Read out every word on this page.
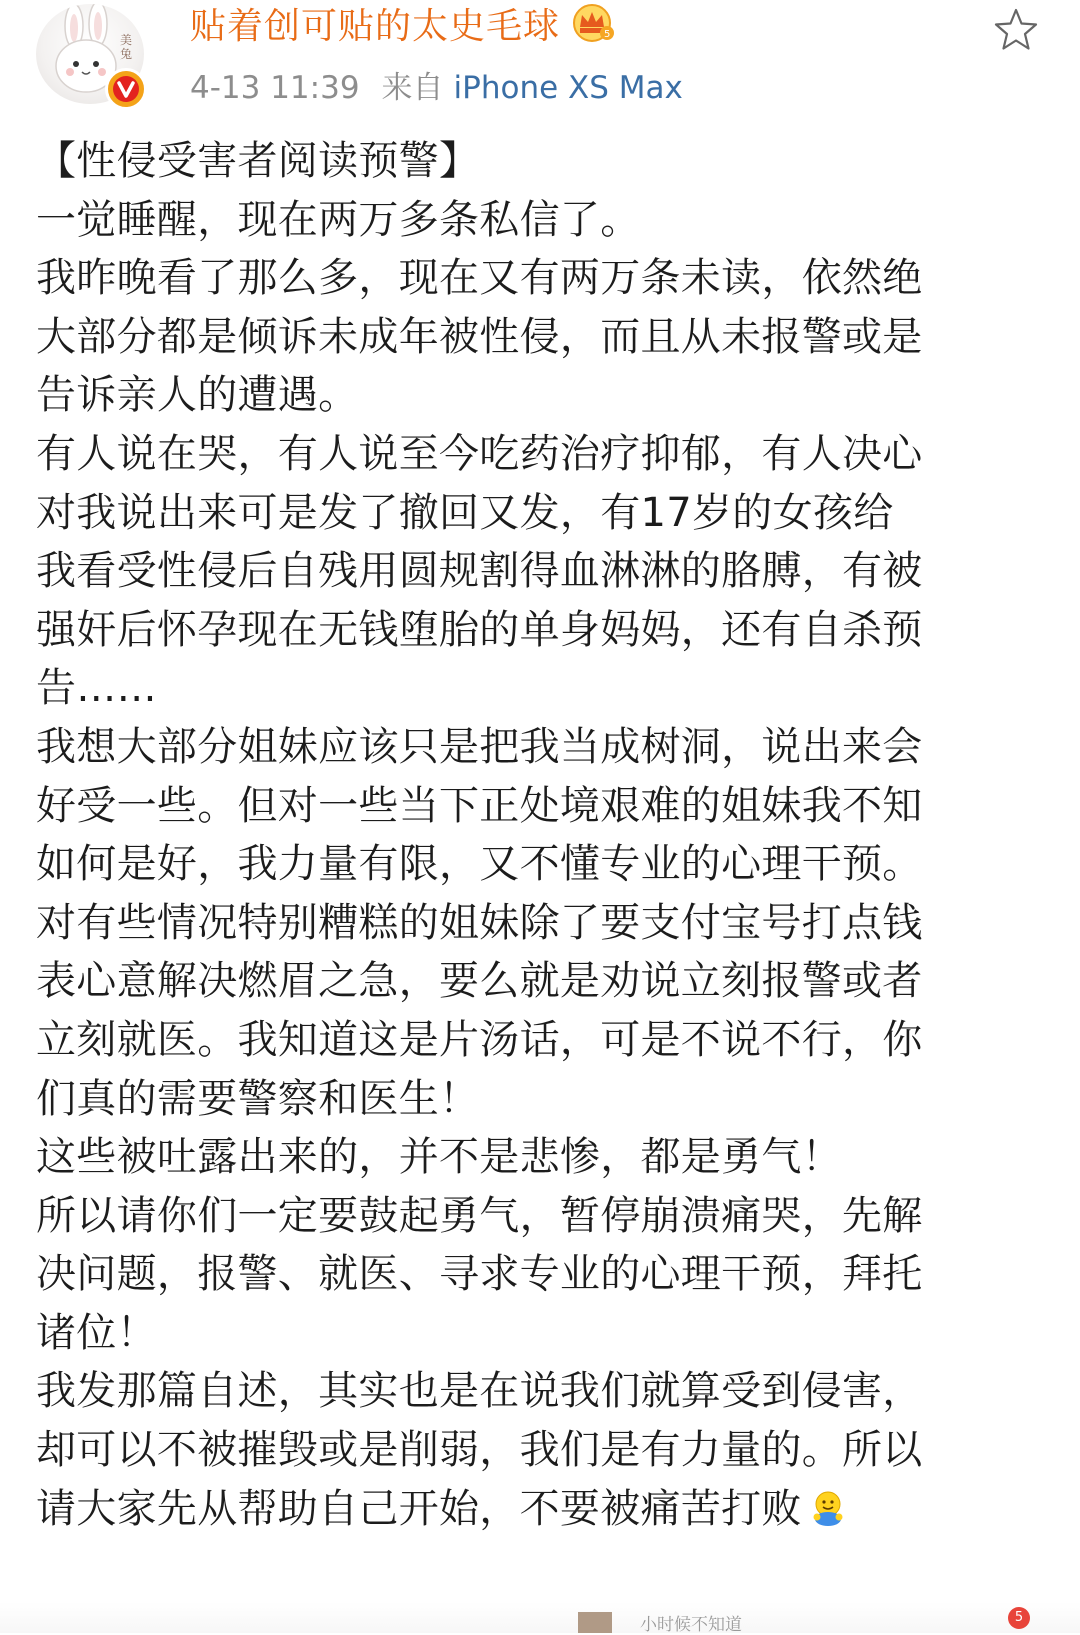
美
兔
贴着创可贴的太史毛球	5
4-13 11:39 来自 iPhone XS Max
【性侵受害者阅读预警】
一觉睡醒，现在两万多条私信了。
我昨晚看了那么多，现在又有两万条未读，依然绝
大部分都是倾诉未成年被性侵，而且从未报警或是
告诉亲人的遭遇。
有人说在哭，有人说至今吃药治疗抑郁，有人决心
对我说出来可是发了撤回又发，有17岁的女孩给
我看受性侵后自残用圆规割得血淋淋的胳膊，有被
强奸后怀孕现在无钱堕胎的单身妈妈，还有自杀预
告……
我想大部分姐妹应该只是把我当成树洞，说出来会
好受一些。但对一些当下正处境艰难的姐妹我不知
如何是好，我力量有限，又不懂专业的心理干预。
对有些情况特别糟糕的姐妹除了要支付宝号打点钱
表心意解决燃眉之急，要么就是劝说立刻报警或者
立刻就医。我知道这是片汤话，可是不说不行，你
们真的需要警察和医生！
这些被吐露出来的，并不是悲惨，都是勇气！
所以请你们一定要鼓起勇气，暂停崩溃痛哭，先解
决问题，报警、就医、寻求专业的心理干预，拜托
诸位！
我发那篇自述，其实也是在说我们就算受到侵害，
却可以不被摧毁或是削弱，我们是有力量的。所以
请大家先从帮助自己开始，不要被痛苦打败
小时候不知道	5
